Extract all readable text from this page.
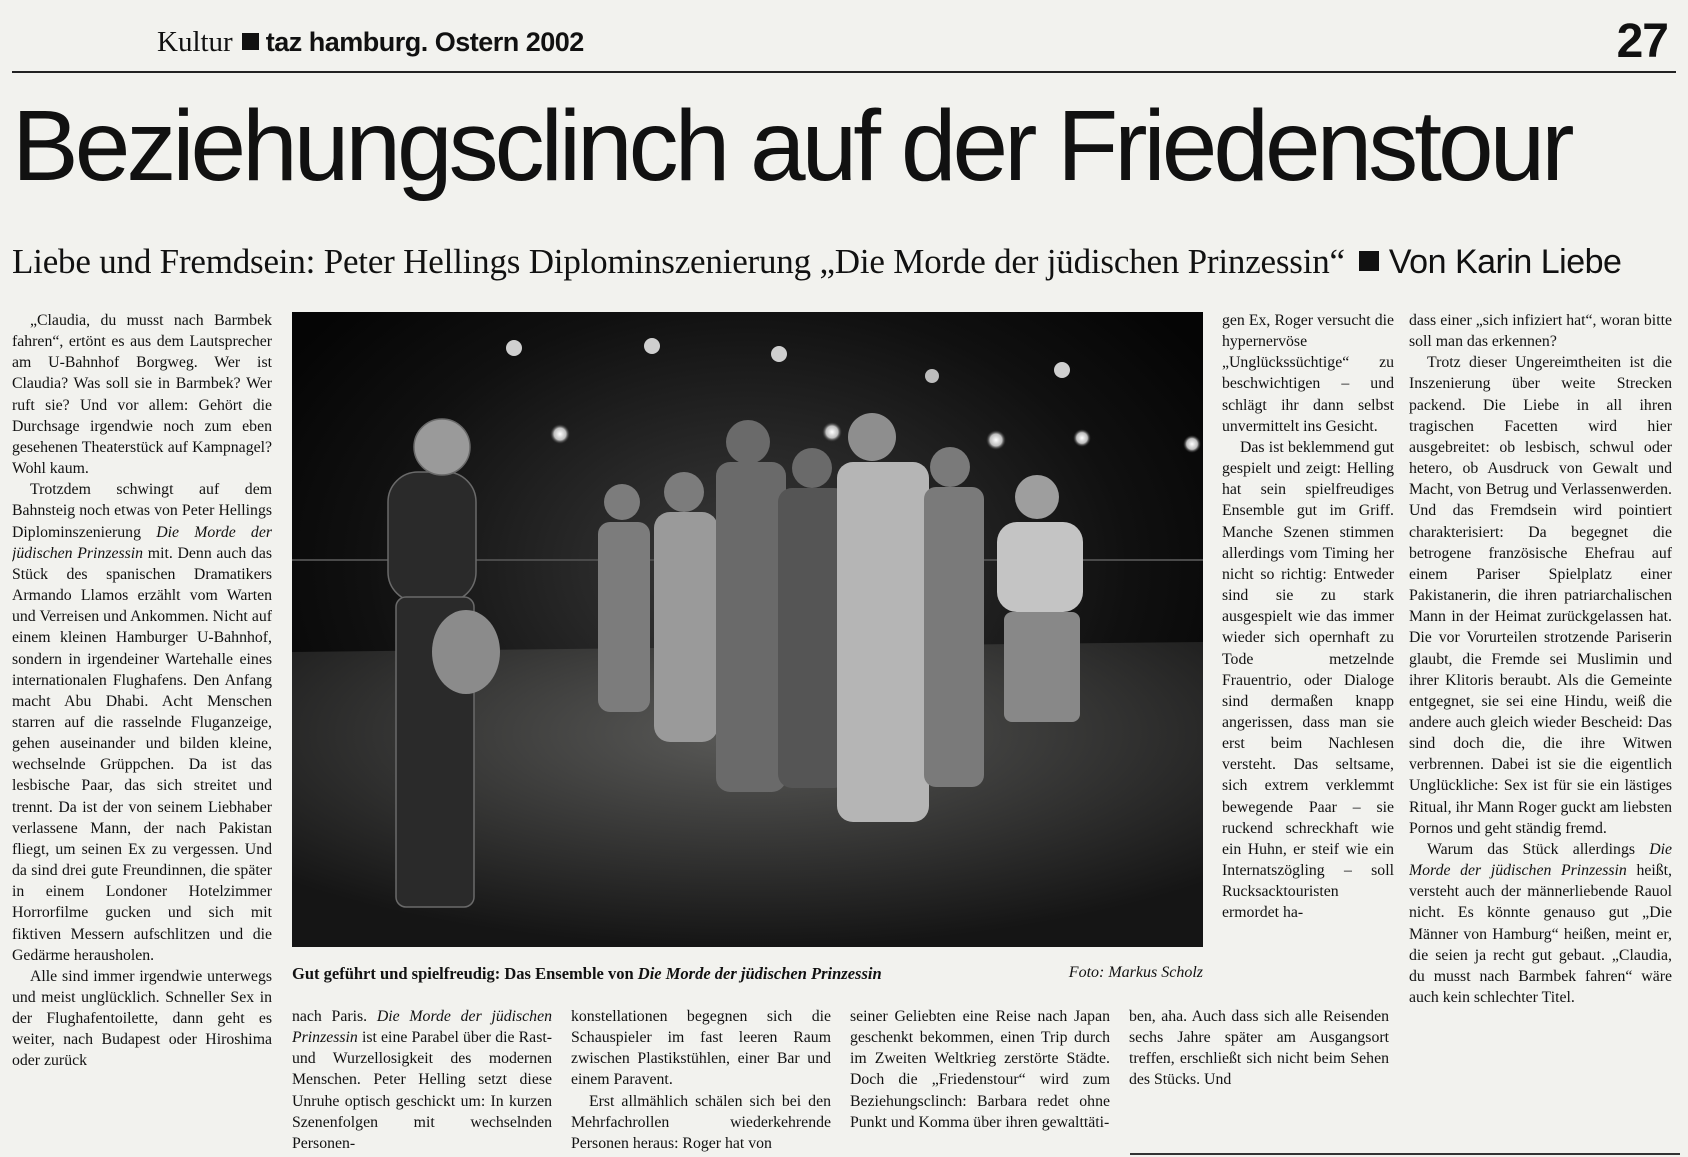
Kultur taz hamburg. Ostern 2002	27
Beziehungsclinch auf der Friedenstour
Liebe und Fremdsein: Peter Hellings Diplominszenierung „Die Morde der jüdischen Prinzessin“ Von Karin Liebe

„Claudia, du musst nach Barmbek fahren“, ertönt es aus dem Lautsprecher am U-Bahnhof Borgweg. Wer ist Claudia? Was soll sie in Barmbek? Wer ruft sie? Und vor allem: Gehört die Durchsage irgendwie noch zum eben gesehenen Theaterstück auf Kampnagel? Wohl kaum.

Trotzdem schwingt auf dem Bahnsteig noch etwas von Peter Hellings Diplominszenierung Die Morde der jüdischen Prinzessin mit. Denn auch das Stück des spanischen Dramatikers Armando Llamos erzählt vom Warten und Verreisen und Ankommen. Nicht auf einem kleinen Hamburger U-Bahnhof, sondern in irgendeiner Wartehalle eines internationalen Flughafens. Den Anfang macht Abu Dhabi. Acht Menschen starren auf die rasselnde Fluganzeige, gehen auseinander und bilden kleine, wechselnde Grüppchen. Da ist das lesbische Paar, das sich streitet und trennt. Da ist der von seinem Liebhaber verlassene Mann, der nach Pakistan fliegt, um seinen Ex zu vergessen. Und da sind drei gute Freundinnen, die später in einem Londoner Hotelzimmer Horrorfilme gucken und sich mit fiktiven Messern aufschlitzen und die Gedärme herausholen.

Alle sind immer irgendwie unterwegs und meist unglücklich. Schneller Sex in der Flughafentoilette, dann geht es weiter, nach Budapest oder Hiroshima oder zurück

Gut geführt und spielfreudig: Das Ensemble von Die Morde der jüdischen Prinzessin	Foto: Markus Scholz

nach Paris. Die Morde der jüdischen Prinzessin ist eine Parabel über die Rast- und Wurzellosigkeit des modernen Menschen. Peter Helling setzt diese Unruhe optisch geschickt um: In kurzen Szenenfolgen mit wechselnden Personen-

konstellationen begegnen sich die Schauspieler im fast leeren Raum zwischen Plastikstühlen, einer Bar und einem Paravent.

Erst allmählich schälen sich bei den Mehrfachrollen wiederkehrende Personen heraus: Roger hat von

seiner Geliebten eine Reise nach Japan geschenkt bekommen, einen Trip durch im Zweiten Weltkrieg zerstörte Städte. Doch die „Friedenstour“ wird zum Beziehungsclinch: Barbara redet ohne Punkt und Komma über ihren gewalttäti-

ben, aha. Auch dass sich alle Reisenden sechs Jahre später am Ausgangsort treffen, erschließt sich nicht beim Sehen des Stücks. Und

gen Ex, Roger versucht die hypernervöse „Unglückssüchtige“ zu beschwichtigen – und schlägt ihr dann selbst unvermittelt ins Gesicht.

Das ist beklemmend gut gespielt und zeigt: Helling hat sein spielfreudiges Ensemble gut im Griff. Manche Szenen stimmen allerdings vom Timing her nicht so richtig: Entweder sind sie zu stark ausgespielt wie das immer wieder sich opernhaft zu Tode metzelnde Frauentrio, oder Dialoge sind dermaßen knapp angerissen, dass man sie erst beim Nachlesen versteht. Das seltsame, sich extrem verklemmt bewegende Paar – sie ruckend schreckhaft wie ein Huhn, er steif wie ein Internatszögling – soll Rucksacktouristen ermordet ha-

dass einer „sich infiziert hat“, woran bitte soll man das erkennen?

Trotz dieser Ungereimtheiten ist die Inszenierung über weite Strecken packend. Die Liebe in all ihren tragischen Facetten wird hier ausgebreitet: ob lesbisch, schwul oder hetero, ob Ausdruck von Gewalt und Macht, von Betrug und Verlassenwerden. Und das Fremdsein wird pointiert charakterisiert: Da begegnet die betrogene französische Ehefrau auf einem Pariser Spielplatz einer Pakistanerin, die ihren patriarchalischen Mann in der Heimat zurückgelassen hat. Die vor Vorurteilen strotzende Pariserin glaubt, die Fremde sei Muslimin und ihrer Klitoris beraubt. Als die Gemeinte entgegnet, sie sei eine Hindu, weiß die andere auch gleich wieder Bescheid: Das sind doch die, die ihre Witwen verbrennen. Dabei ist sie die eigentlich Unglückliche: Sex ist für sie ein lästiges Ritual, ihr Mann Roger guckt am liebsten Pornos und geht ständig fremd.

Warum das Stück allerdings Die Morde der jüdischen Prinzessin heißt, versteht auch der männerliebende Rauol nicht. Es könnte genauso gut „Die Männer von Hamburg“ heißen, meint er, die seien ja recht gut gebaut. „Claudia, du musst nach Barmbek fahren“ wäre auch kein schlechter Titel.
